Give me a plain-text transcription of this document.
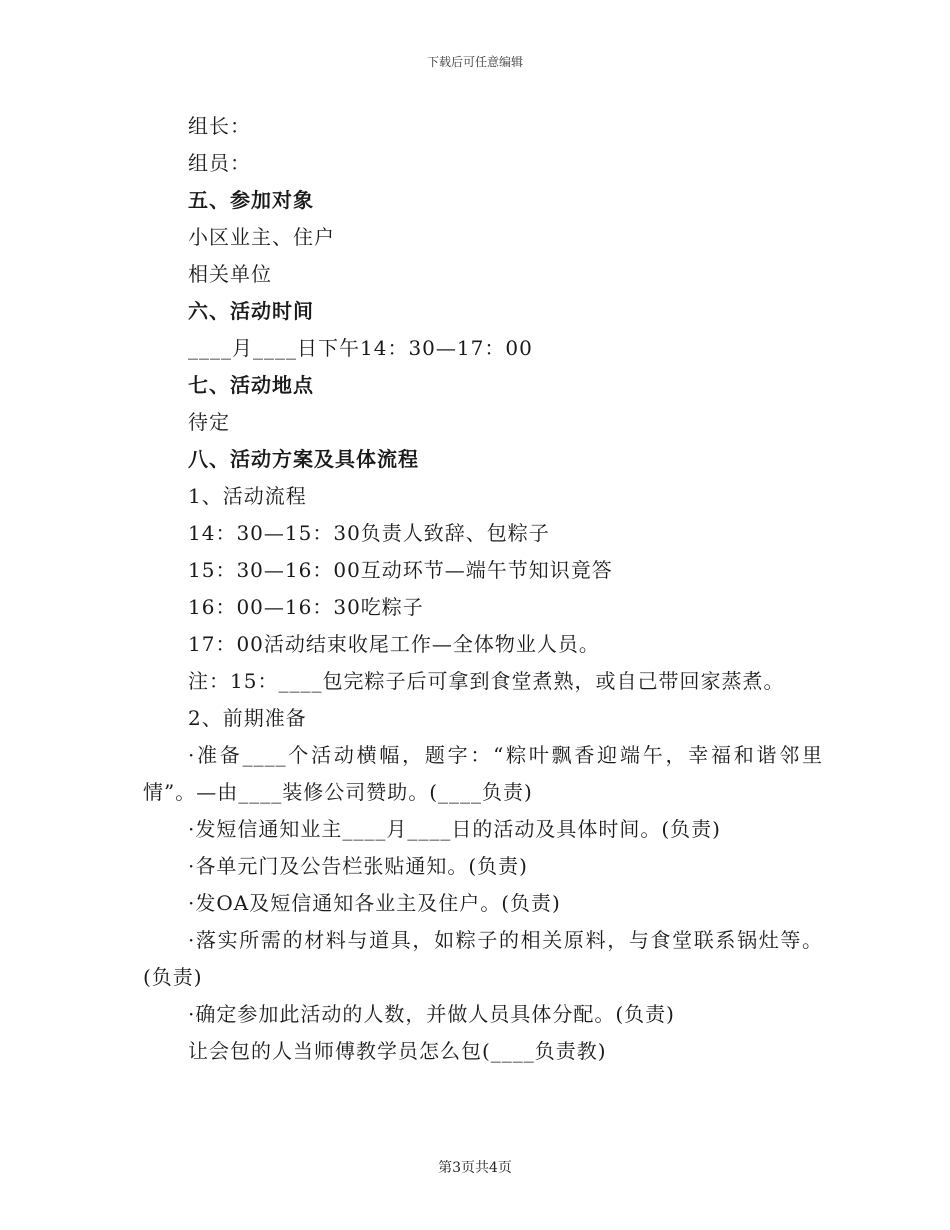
下载后可任意编辑
组长：
组员：
五、参加对象
小区业主、住户
相关单位
六、活动时间
____月____日下午14：30—17：00
七、活动地点
待定
八、活动方案及具体流程
1、活动流程
14：30—15：30负责人致辞、包粽子
15：30—16：00互动环节—端午节知识竟答
16：00—16：30吃粽子
17：00活动结束收尾工作—全体物业人员。
注：15：____包完粽子后可拿到食堂煮熟，或自己带回家蒸煮。
2、前期准备
·准备____个活动横幅，题字：“粽叶飘香迎端午，幸福和谐邻里情”。—由____装修公司赞助。(____负责)
·发短信通知业主____月____日的活动及具体时间。(负责)
·各单元门及公告栏张贴通知。(负责)
·发OA及短信通知各业主及住户。(负责)
·落实所需的材料与道具，如粽子的相关原料，与食堂联系锅灶等。(负责)
·确定参加此活动的人数，并做人员具体分配。(负责)
让会包的人当师傅教学员怎么包(____负责教)
第3页共4页
